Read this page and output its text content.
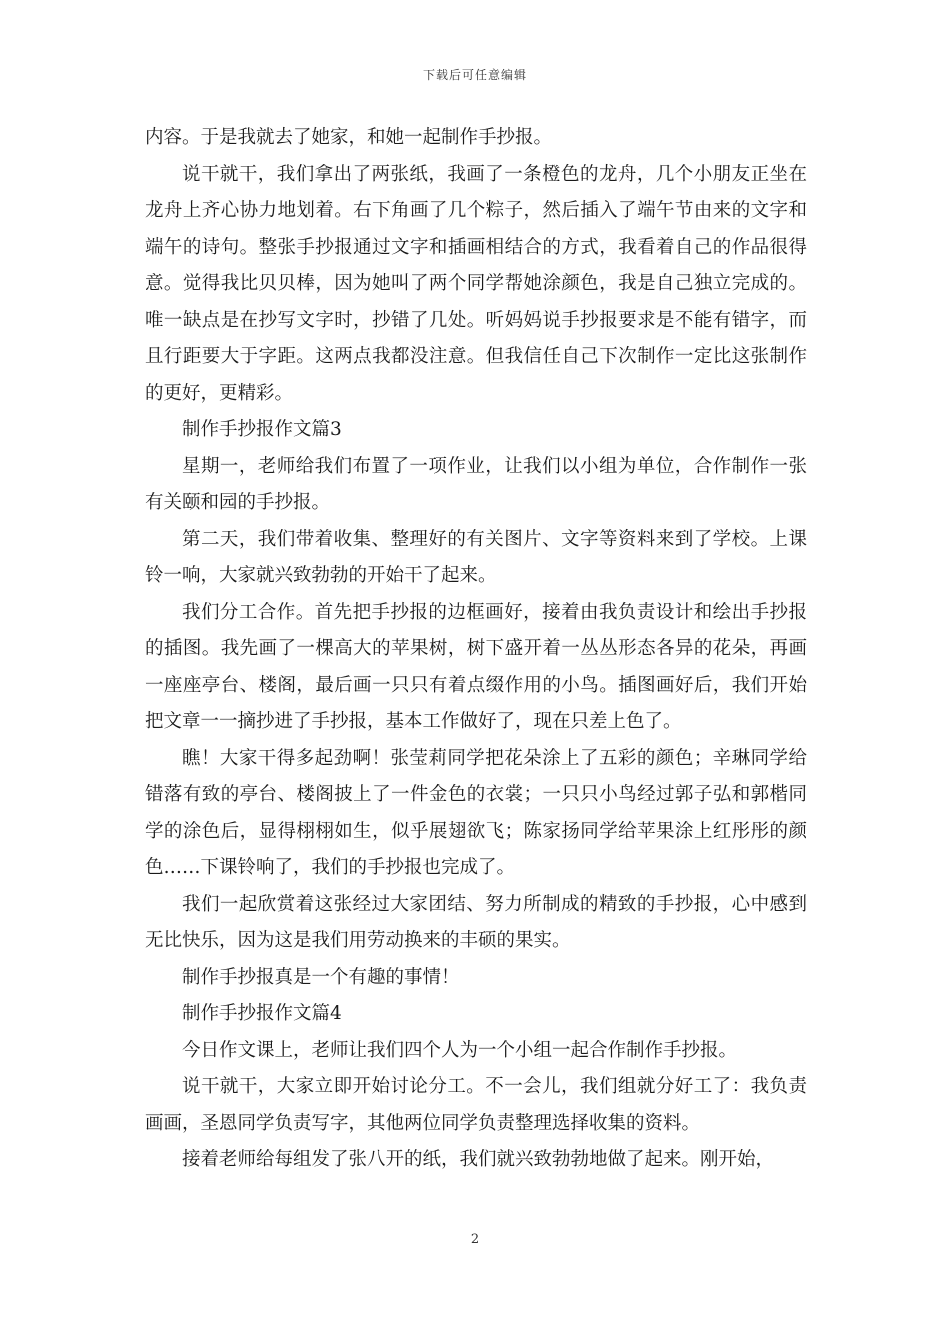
下载后可任意编辑

内容。于是我就去了她家，和她一起制作手抄报。

说干就干，我们拿出了两张纸，我画了一条橙色的龙舟，几个小朋友正坐在龙舟上齐心协力地划着。右下角画了几个粽子，然后插入了端午节由来的文字和端午的诗句。整张手抄报通过文字和插画相结合的方式，我看着自己的作品很得意。觉得我比贝贝棒，因为她叫了两个同学帮她涂颜色，我是自己独立完成的。唯一缺点是在抄写文字时，抄错了几处。听妈妈说手抄报要求是不能有错字，而且行距要大于字距。这两点我都没注意。但我信任自己下次制作一定比这张制作的更好，更精彩。

制作手抄报作文篇3

星期一，老师给我们布置了一项作业，让我们以小组为单位，合作制作一张有关颐和园的手抄报。

第二天，我们带着收集、整理好的有关图片、文字等资料来到了学校。上课铃一响，大家就兴致勃勃的开始干了起来。

我们分工合作。首先把手抄报的边框画好，接着由我负责设计和绘出手抄报的插图。我先画了一棵高大的苹果树，树下盛开着一丛丛形态各异的花朵，再画一座座亭台、楼阁，最后画一只只有着点缀作用的小鸟。插图画好后，我们开始把文章一一摘抄进了手抄报，基本工作做好了，现在只差上色了。

瞧！大家干得多起劲啊！张莹莉同学把花朵涂上了五彩的颜色；辛琳同学给错落有致的亭台、楼阁披上了一件金色的衣裳；一只只小鸟经过郭子弘和郭楷同学的涂色后，显得栩栩如生，似乎展翅欲飞；陈家扬同学给苹果涂上红彤彤的颜色……下课铃响了，我们的手抄报也完成了。

我们一起欣赏着这张经过大家团结、努力所制成的精致的手抄报，心中感到无比快乐，因为这是我们用劳动换来的丰硕的果实。

制作手抄报真是一个有趣的事情！

制作手抄报作文篇4

今日作文课上，老师让我们四个人为一个小组一起合作制作手抄报。

说干就干，大家立即开始讨论分工。不一会儿，我们组就分好工了：我负责画画，圣恩同学负责写字，其他两位同学负责整理选择收集的资料。

接着老师给每组发了张八开的纸，我们就兴致勃勃地做了起来。刚开始，

2
